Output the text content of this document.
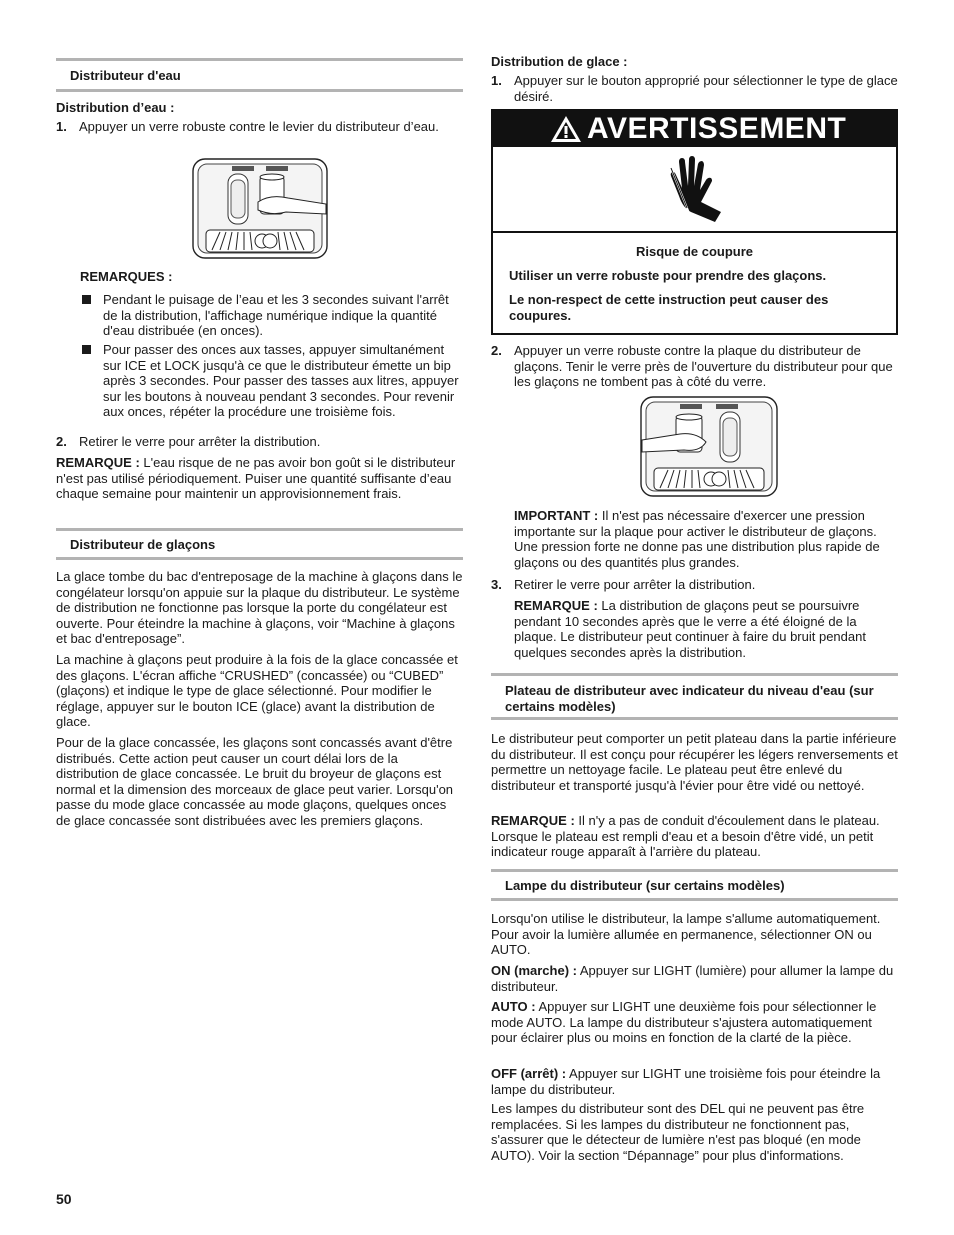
Distributeur d'eau

Distribution d’eau :

1. Appuyer un verre robuste contre le levier du distributeur d’eau.

REMARQUES :

Pendant le puisage de l’eau et les 3 secondes suivant l'arrêt de la distribution, l'affichage numérique indique la quantité d'eau distribuée (en onces).

Pour passer des onces aux tasses, appuyer simultanément sur ICE et LOCK jusqu'à ce que le distributeur émette un bip après 3 secondes. Pour passer des tasses aux litres, appuyer sur les boutons à nouveau pendant 3 secondes. Pour revenir aux onces, répéter la procédure une troisième fois.

2. Retirer le verre pour arrêter la distribution.

REMARQUE : L'eau risque de ne pas avoir bon goût si le distributeur n'est pas utilisé périodiquement. Puiser une quantité suffisante d’eau chaque semaine pour maintenir un approvisionnement frais.

Distributeur de glaçons

La glace tombe du bac d'entreposage de la machine à glaçons dans le congélateur lorsqu'on appuie sur la plaque du distributeur. Le système de distribution ne fonctionne pas lorsque la porte du congélateur est ouverte. Pour éteindre la machine à glaçons, voir “Machine à glaçons et bac d'entreposage”.

La machine à glaçons peut produire à la fois de la glace concassée et des glaçons. L'écran affiche “CRUSHED” (concassée) ou “CUBED” (glaçons) et indique le type de glace sélectionné. Pour modifier le réglage, appuyer sur le bouton ICE (glace) avant la distribution de glace.

Pour de la glace concassée, les glaçons sont concassés avant d'être distribués. Cette action peut causer un court délai lors de la distribution de glace concassée. Le bruit du broyeur de glaçons est normal et la dimension des morceaux de glace peut varier. Lorsqu'on passe du mode glace concassée au mode glaçons, quelques onces de glace concassée sont distribuées avec les premiers glaçons.

Distribution de glace :

1. Appuyer sur le bouton approprié pour sélectionner le type de glace désiré.

AVERTISSEMENT

Risque de coupure

Utiliser un verre robuste pour prendre des glaçons.

Le non-respect de cette instruction peut causer des coupures.

2. Appuyer un verre robuste contre la plaque du distributeur de glaçons. Tenir le verre près de l'ouverture du distributeur pour que les glaçons ne tombent pas à côté du verre.

IMPORTANT : Il n'est pas nécessaire d'exercer une pression importante sur la plaque pour activer le distributeur de glaçons. Une pression forte ne donne pas une distribution plus rapide de glaçons ou des quantités plus grandes.

3. Retirer le verre pour arrêter la distribution.

REMARQUE : La distribution de glaçons peut se poursuivre pendant 10 secondes après que le verre a été éloigné de la plaque. Le distributeur peut continuer à faire du bruit pendant quelques secondes après la distribution.

Plateau de distributeur avec indicateur du niveau d'eau (sur certains modèles)

Le distributeur peut comporter un petit plateau dans la partie inférieure du distributeur. Il est conçu pour récupérer les légers renversements et permettre un nettoyage facile. Le plateau peut être enlevé du distributeur et transporté jusqu'à l'évier pour être vidé ou nettoyé.

REMARQUE : Il n'y a pas de conduit d'écoulement dans le plateau. Lorsque le plateau est rempli d'eau et a besoin d'être vidé, un petit indicateur rouge apparaît à l'arrière du plateau.

Lampe du distributeur (sur certains modèles)

Lorsqu'on utilise le distributeur, la lampe s'allume automatiquement. Pour avoir la lumière allumée en permanence, sélectionner ON ou AUTO.

ON (marche) : Appuyer sur LIGHT (lumière) pour allumer la lampe du distributeur.

AUTO : Appuyer sur LIGHT une deuxième fois pour sélectionner le mode AUTO. La lampe du distributeur s'ajustera automatiquement pour éclairer plus ou moins en fonction de la clarté de la pièce.

OFF (arrêt) : Appuyer sur LIGHT une troisième fois pour éteindre la lampe du distributeur.

Les lampes du distributeur sont des DEL qui ne peuvent pas être remplacées. Si les lampes du distributeur ne fonctionnent pas, s'assurer que le détecteur de lumière n'est pas bloqué (en mode AUTO). Voir la section “Dépannage” pour plus d'informations.

50
